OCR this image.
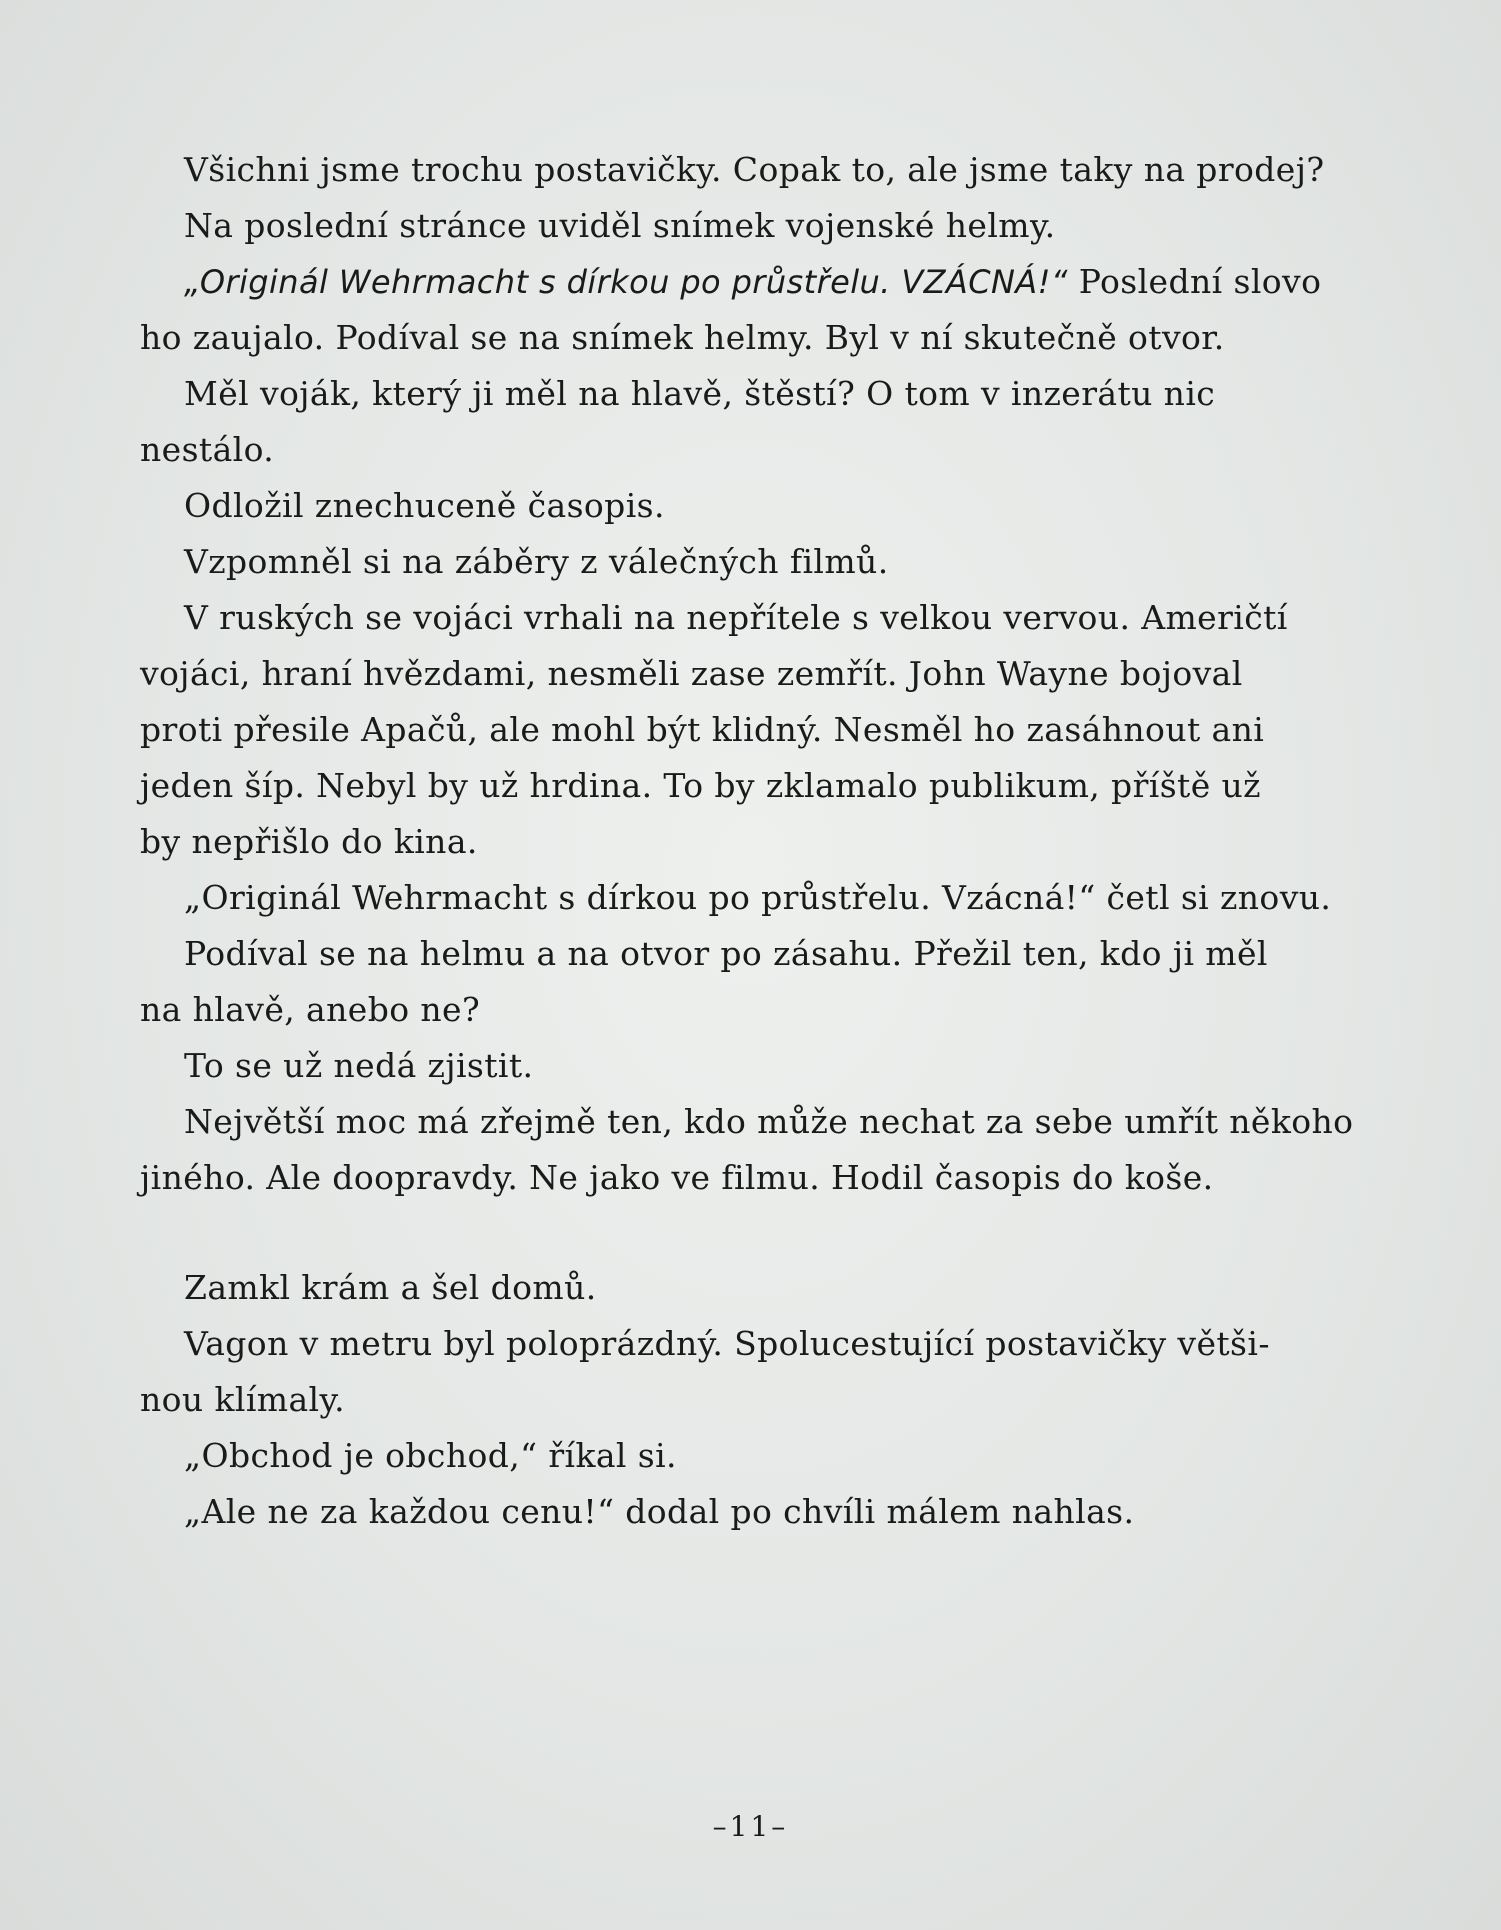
Všichni jsme trochu postavičky. Copak to, ale jsme taky na prodej?
Na poslední stránce uviděl snímek vojenské helmy.
„Originál Wehrmacht s dírkou po průstřelu. VZÁCNÁ!“ Poslední slovo
ho zaujalo. Podíval se na snímek helmy. Byl v ní skutečně otvor.
Měl voják, který ji měl na hlavě, štěstí? O tom v inzerátu nic
nestálo.
Odložil znechuceně časopis.
Vzpomněl si na záběry z válečných filmů.
V ruských se vojáci vrhali na nepřítele s velkou vervou. Američtí
vojáci, hraní hvězdami, nesměli zase zemřít. John Wayne bojoval
proti přesile Apačů, ale mohl být klidný. Nesměl ho zasáhnout ani
jeden šíp. Nebyl by už hrdina. To by zklamalo publikum, příště už
by nepřišlo do kina.
„Originál Wehrmacht s dírkou po průstřelu. Vzácná!“ četl si znovu.
Podíval se na helmu a na otvor po zásahu. Přežil ten, kdo ji měl
na hlavě, anebo ne?
To se už nedá zjistit.
Největší moc má zřejmě ten, kdo může nechat za sebe umřít někoho
jiného. Ale doopravdy. Ne jako ve filmu. Hodil časopis do koše.
Zamkl krám a šel domů.
Vagon v metru byl poloprázdný. Spolucestující postavičky větši-
nou klímaly.
„Obchod je obchod,“ říkal si.
„Ale ne za každou cenu!“ dodal po chvíli málem nahlas.
–11–
